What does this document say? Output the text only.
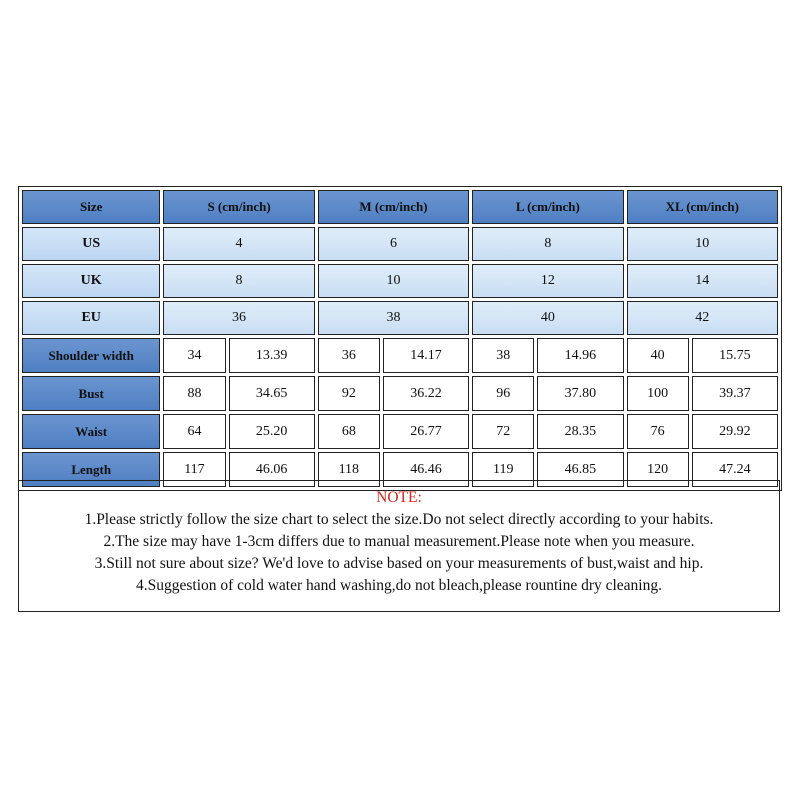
Size	S (cm/inch)		M (cm/inch)		L (cm/inch)		XL (cm/inch)	
US	4		6		8		10	
UK	8		10		12		14	
EU	36		38		40		42	
Shoulder width	34	13.39	36	14.17	38	14.96	40	15.75
Bust	88	34.65	92	36.22	96	37.80	100	39.37
Waist	64	25.20	68	26.77	72	28.35	76	29.92
Length	117	46.06	118	46.46	119	46.85	120	47.24
NOTE:
1.Please strictly follow the size chart to select the size.Do not select directly according to your habits.
2.The size may have 1-3cm differs due to manual measurement.Please note when you measure.
3.Still not sure about size? We'd love to advise based on your measurements of bust,waist and hip.
4.Suggestion of cold water hand washing,do not bleach,please rountine dry cleaning.
